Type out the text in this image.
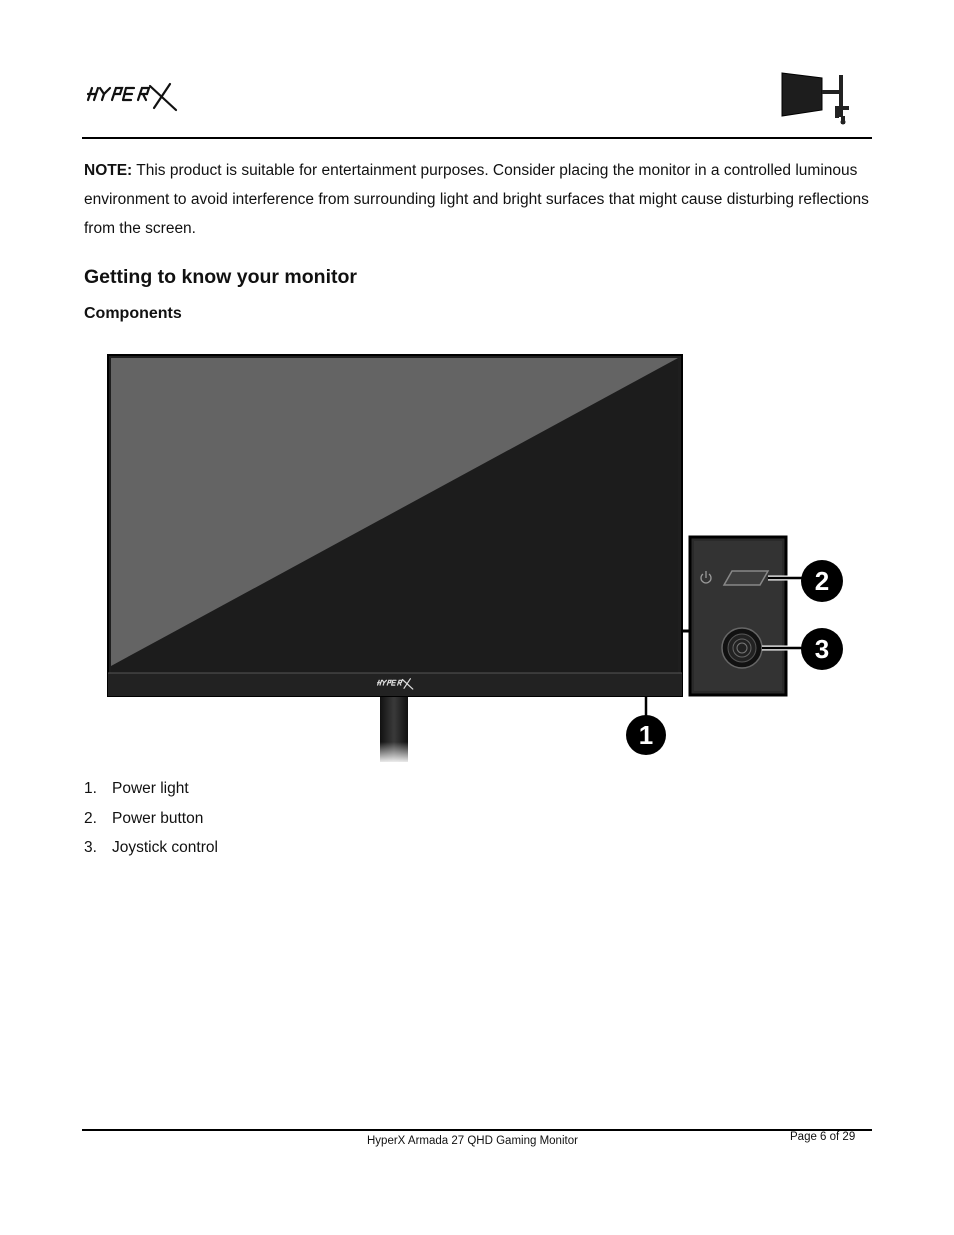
NOTE: This product is suitable for entertainment purposes. Consider placing the monitor in a controlled luminous environment to avoid interference from surrounding light and bright surfaces that might cause disturbing reflections from the screen.

Getting to know your monitor
Components
1
2
3
1. Power light
2. Power button
3. Joystick control
HyperX Armada 27 QHD Gaming Monitor	Page 6 of 29
